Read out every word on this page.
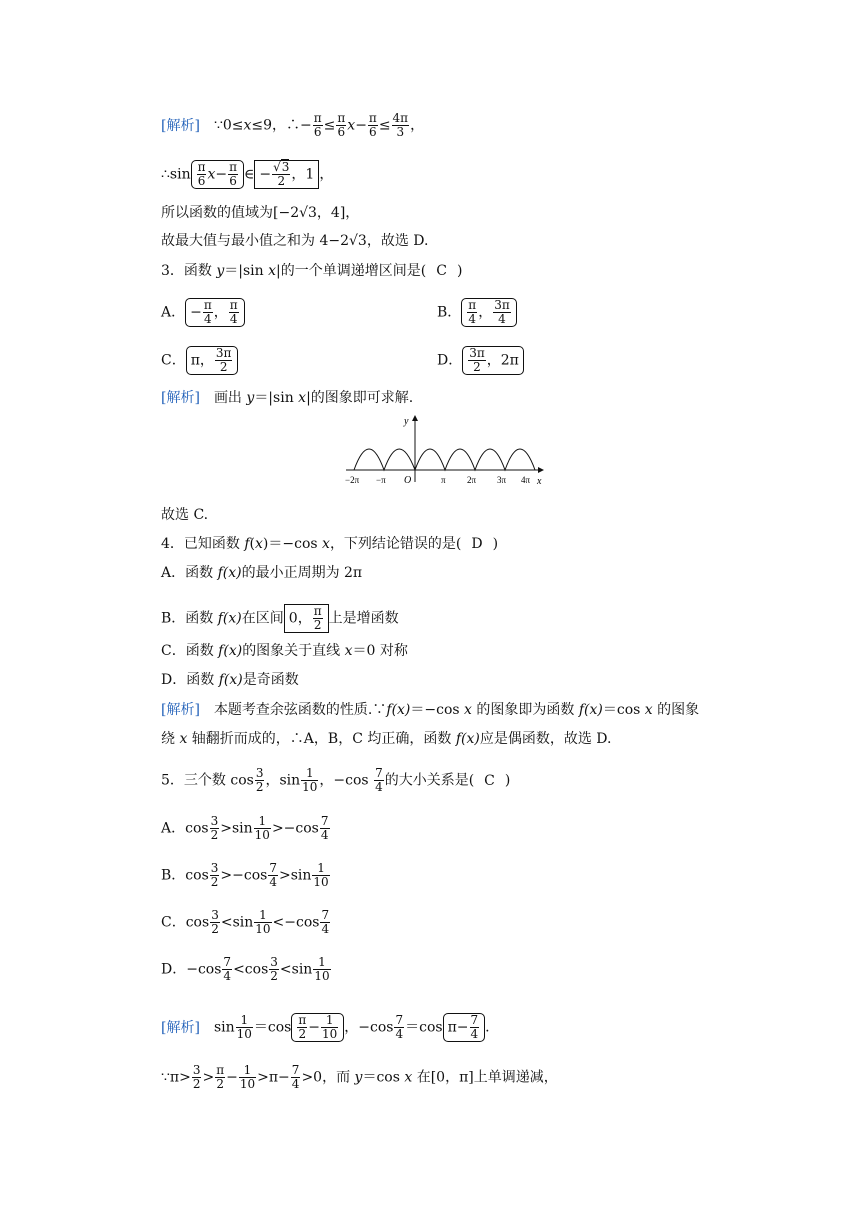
[解析] ∵0≤x≤9，∴− $\frac{\pi}{6} \le \frac{\pi}{6} x- \frac{\pi}{6} \le \frac{4\pi}{3}$ ，
∴sin $\frac{\pi}{6} x- \frac{\pi}{6}$ ∈ − $\frac{√3}{2}$ ，1 ，
所以函数的值域为[−2√3，4]，
故最大值与最小值之和为 4−2√3，故选 D.
3．函数 y＝|sin x|的一个单调递增区间是( C )
A． − $\frac{\pi}{4}$ ， $\frac{\pi}{4}$	B． $\frac{\pi}{4}$ ， $\frac{3\pi}{4}$
C． π， $\frac{3\pi}{2}$	D． $\frac{3\pi}{2}$ ，2π
[解析] 画出 y＝|sin x|的图象即可求解.
y
x
O
−2π −π	π 2π 3π 4π
故选 C.
4．已知函数 f(x)＝−cos x，下列结论错误的是( D )
A．函数 f(x)的最小正周期为 2π
B．函数 f(x)在区间 0， $\frac{\pi}{2}$ 上是增函数
C．函数 f(x)的图象关于直线 x＝0 对称
D．函数 f(x)是奇函数
[解析] 本题考查余弦函数的性质.∵f(x)＝−cos x 的图象即为函数 f(x)＝cos x 的图象
绕 x 轴翻折而成的，∴A，B，C 均正确，函数 f(x)应是偶函数，故选 D.
5．三个数 $\cos \frac{3}{2}$ ，$\sin \frac{1}{10}$ ，$-\cos \frac{7}{4}$ 的大小关系是( C )
A．$\cos \frac{3}{2} >\sin \frac{1}{10} >-\cos \frac{7}{4}$
B．$\cos \frac{3}{2} >-\cos \frac{7}{4} >\sin \frac{1}{10}$
C．$\cos \frac{3}{2} <\sin \frac{1}{10} <-\cos \frac{7}{4}$
D．$-\cos \frac{7}{4} <\cos \frac{3}{2} <\sin \frac{1}{10}$
[解析] $\sin \frac{1}{10} =\cos \frac{\pi}{2} - \frac{1}{10}$ ，$-\cos \frac{7}{4} =\cos$ $\pi- \frac{7}{4}$ .
∵π> $\frac{3}{2} > \frac{\pi}{2} - \frac{1}{10} >\pi- \frac{7}{4} >0$，而 y＝cos x 在[0，π]上单调递减，
